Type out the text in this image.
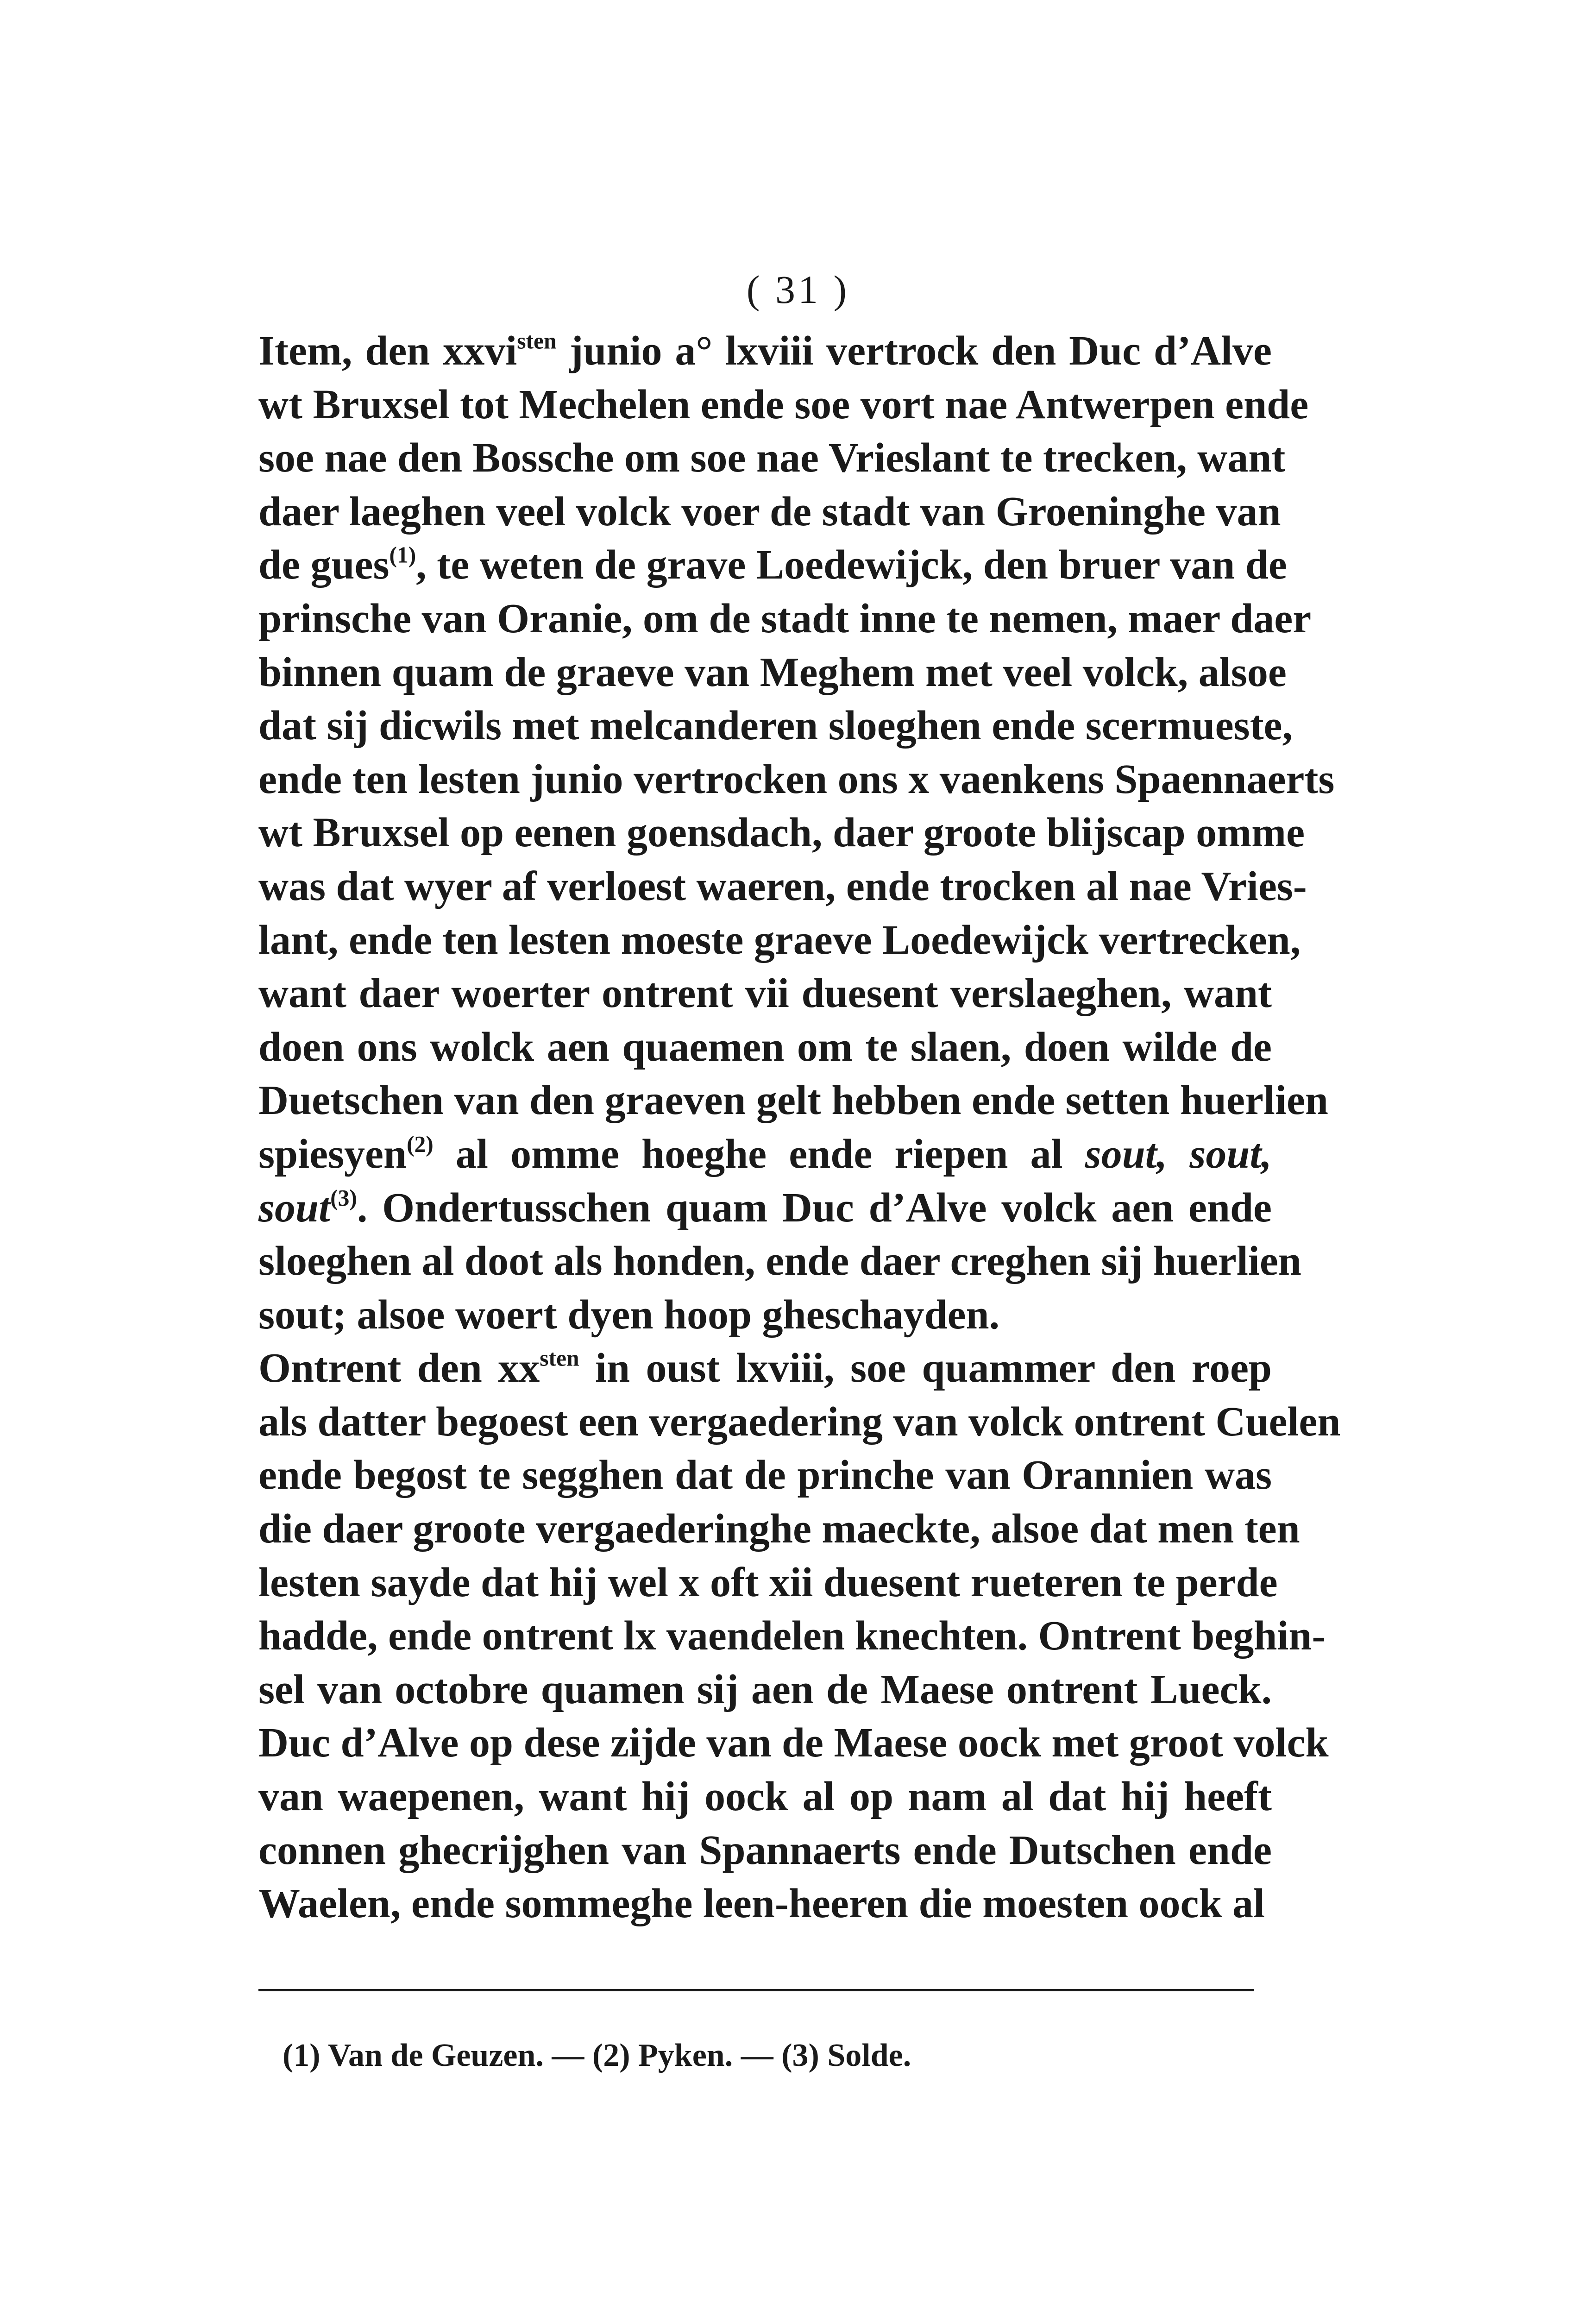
( 31 )
Item, den xxvi$^{sten}$ junio a° lxviii vertrock den Duc d’Alve
wt Bruxsel tot Mechelen ende soe vort nae Antwerpen ende
soe nae den Bossche om soe nae Vrieslant te trecken, want
daer laeghen veel volck voer de stadt van Groeninghe van
de gues$^{(1)}$, te weten de grave Loedewijck, den bruer van de
prinsche van Oranie, om de stadt inne te nemen, maer daer
binnen quam de graeve van Meghem met veel volck, alsoe
dat sij dicwils met melcanderen sloeghen ende scermueste,
ende ten lesten junio vertrocken ons x vaenkens Spaennaerts
wt Bruxsel op eenen goensdach, daer groote blijscap omme
was dat wyer af verloest waeren, ende trocken al nae Vries-
lant, ende ten lesten moeste graeve Loedewijck vertrecken,
want daer woerter ontrent vii duesent verslaeghen, want
doen ons wolck aen quaemen om te slaen, doen wilde de
Duetschen van den graeven gelt hebben ende setten huerlien
spiesyen$^{(2)}$ al omme hoeghe ende riepen al sout, sout,
sout$^{(3)}$. Ondertusschen quam Duc d’Alve volck aen ende
sloeghen al doot als honden, ende daer creghen sij huerlien
sout; alsoe woert dyen hoop gheschayden.
Ontrent den $xx^{sten}$ in oust lxviii, soe quammer den roep
als datter begoest een vergaedering van volck ontrent Cuelen
ende begost te segghen dat de prinche van Orannien was
die daer groote vergaederinghe maeckte, alsoe dat men ten
lesten sayde dat hij wel x oft xii duesent rueteren te perde
hadde, ende ontrent lx vaendelen knechten. Ontrent beghin-
sel van octobre quamen sij aen de Maese ontrent Lueck.
Duc d’Alve op dese zijde van de Maese oock met groot volck
van waepenen, want hij oock al op nam al dat hij heeft
connen ghecrijghen van Spannaerts ende Dutschen ende
Waelen, ende sommeghe leen-heeren die moesten oock al
(1) Van de Geuzen. — (2) Pyken. — (3) Solde.
